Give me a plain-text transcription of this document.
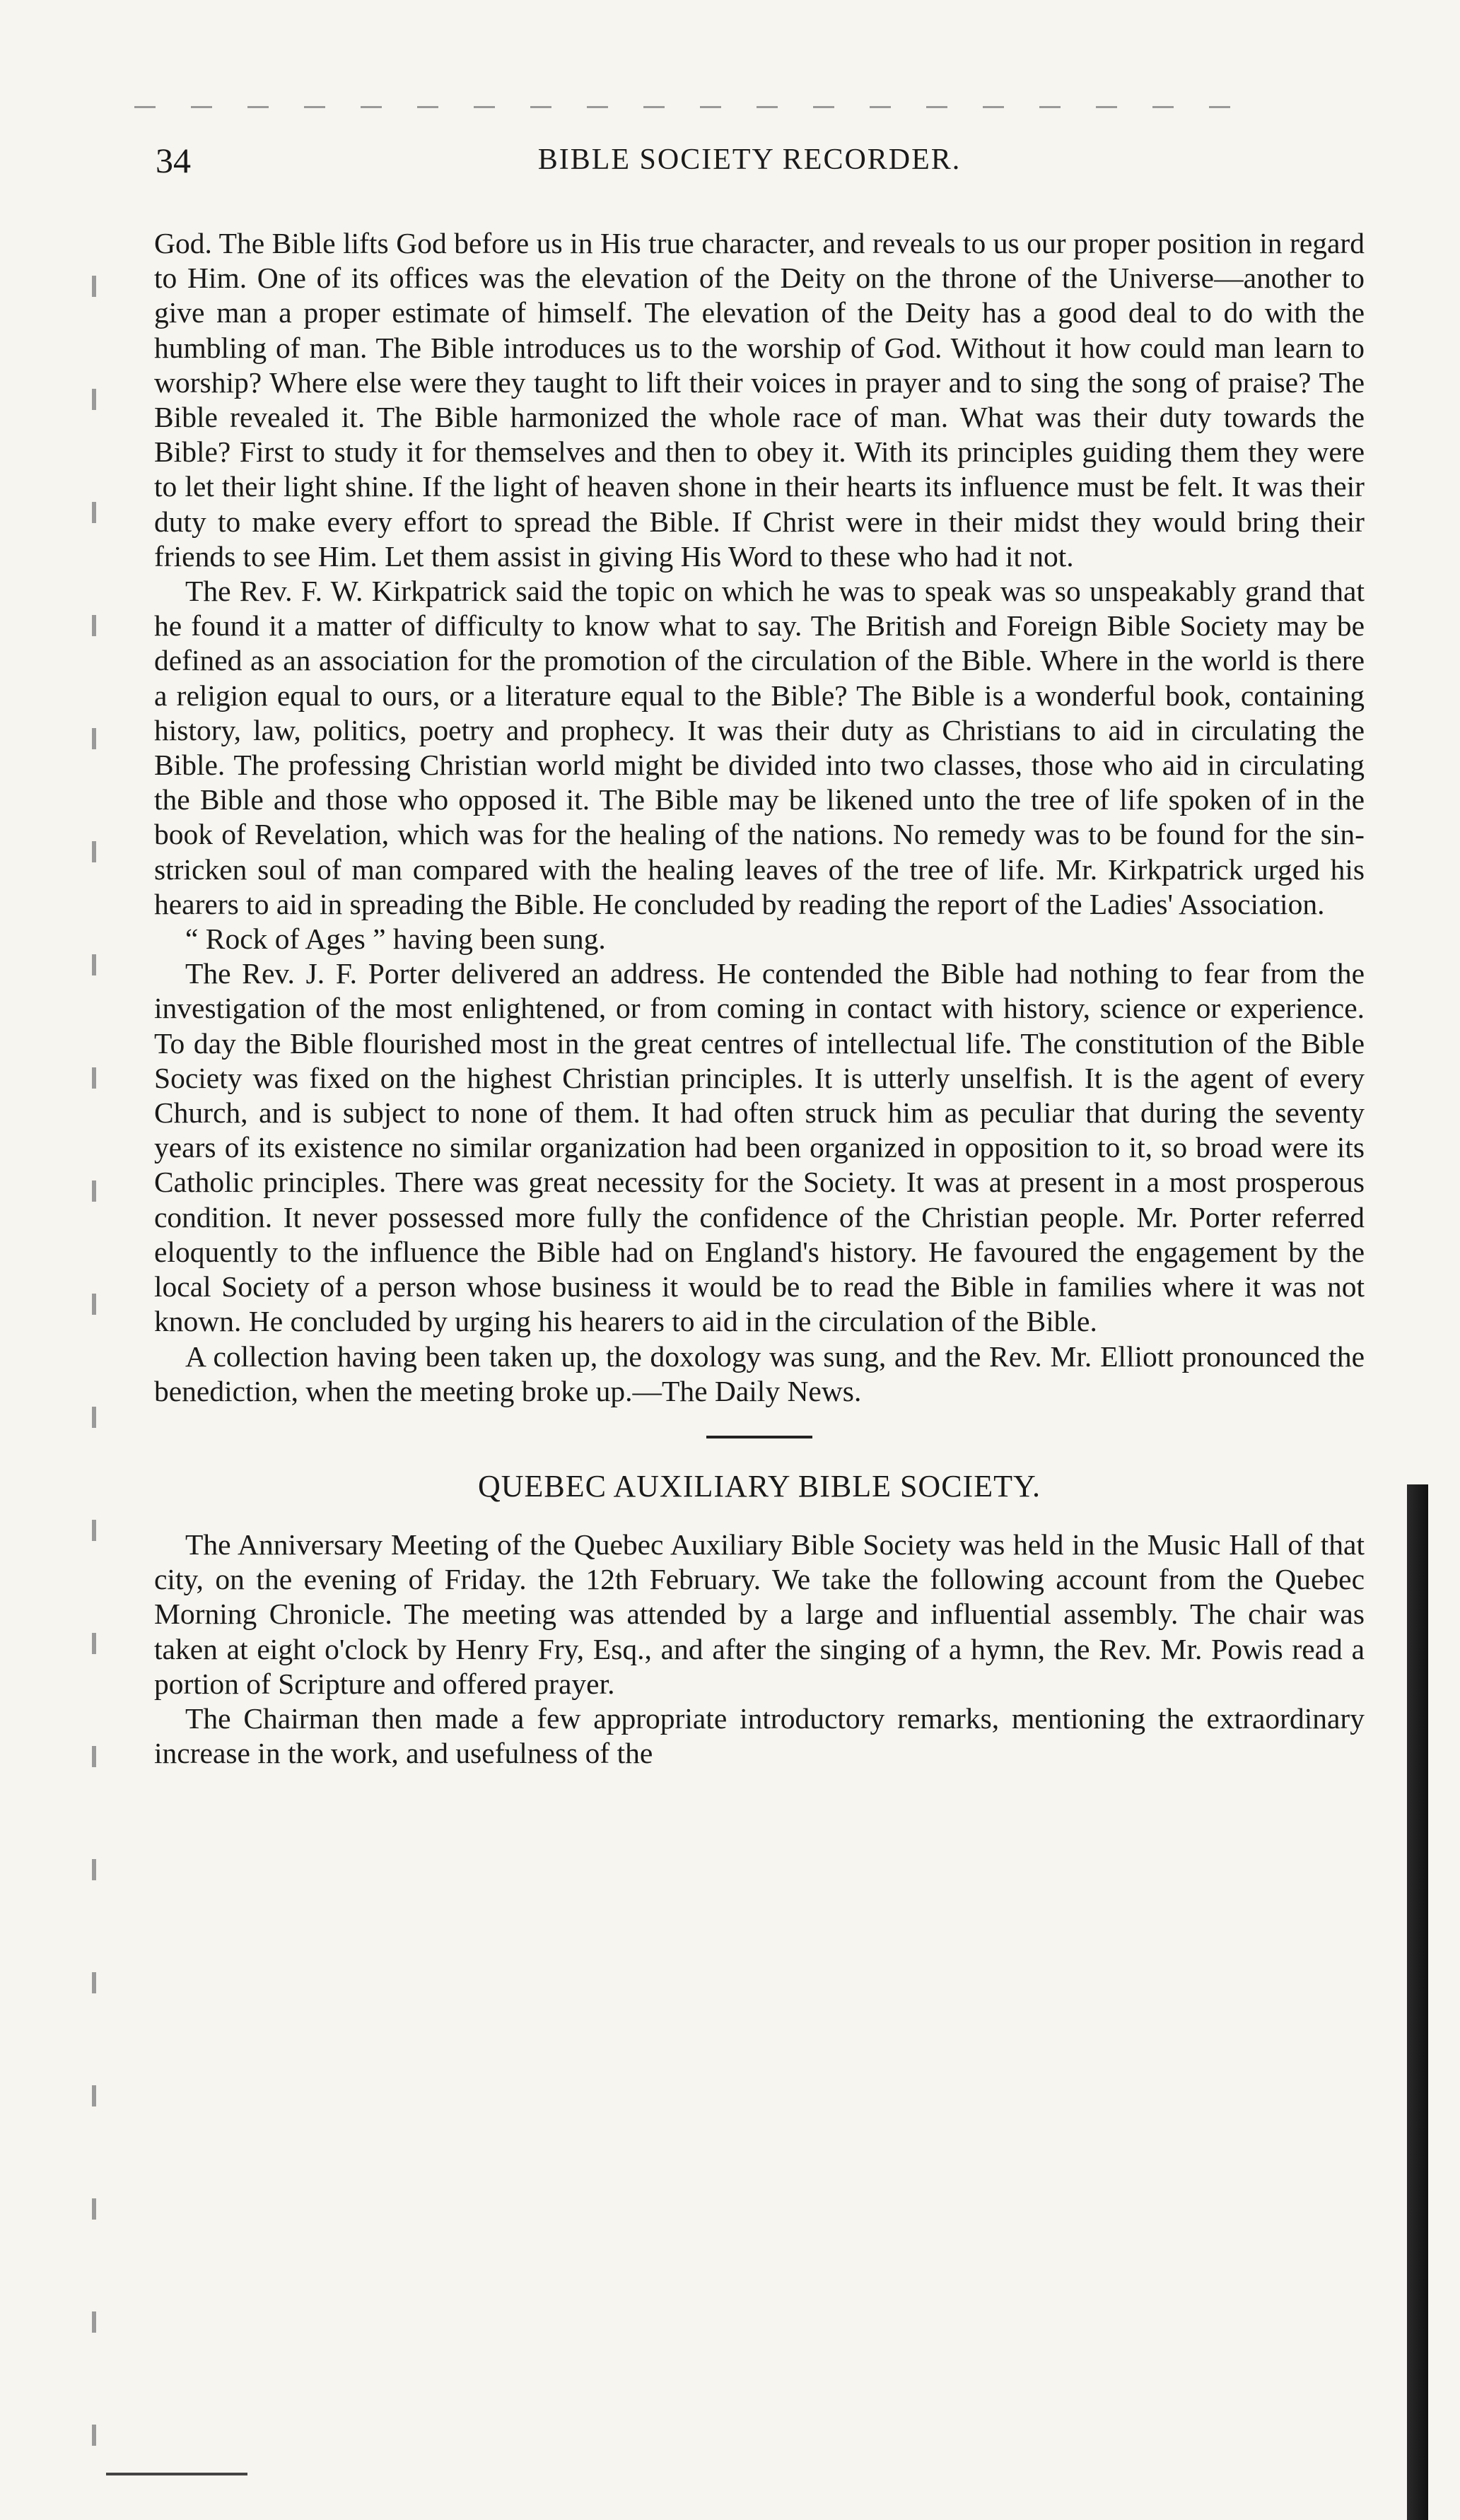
34	BIBLE SOCIETY RECORDER.

God. The Bible lifts God before us in His true character, and reveals to us our proper position in regard to Him. One of its offices was the elevation of the Deity on the throne of the Universe—another to give man a proper estimate of himself. The elevation of the Deity has a good deal to do with the humbling of man. The Bible introduces us to the worship of God. Without it how could man learn to worship? Where else were they taught to lift their voices in prayer and to sing the song of praise? The Bible revealed it. The Bible harmonized the whole race of man. What was their duty towards the Bible? First to study it for themselves and then to obey it. With its principles guiding them they were to let their light shine. If the light of heaven shone in their hearts its influence must be felt. It was their duty to make every effort to spread the Bible. If Christ were in their midst they would bring their friends to see Him. Let them assist in giving His Word to these who had it not.

The Rev. F. W. Kirkpatrick said the topic on which he was to speak was so unspeakably grand that he found it a matter of difficulty to know what to say. The British and Foreign Bible Society may be defined as an association for the promotion of the circulation of the Bible. Where in the world is there a religion equal to ours, or a literature equal to the Bible? The Bible is a wonderful book, containing history, law, politics, poetry and prophecy. It was their duty as Christians to aid in circulating the Bible. The professing Christian world might be divided into two classes, those who aid in circulating the Bible and those who opposed it. The Bible may be likened unto the tree of life spoken of in the book of Revelation, which was for the healing of the nations. No remedy was to be found for the sin-stricken soul of man compared with the healing leaves of the tree of life. Mr. Kirkpatrick urged his hearers to aid in spreading the Bible. He concluded by reading the report of the Ladies' Association.

“ Rock of Ages ” having been sung.

The Rev. J. F. Porter delivered an address. He contended the Bible had nothing to fear from the investigation of the most enlightened, or from coming in contact with history, science or experience. To day the Bible flourished most in the great centres of intellectual life. The constitution of the Bible Society was fixed on the highest Christian principles. It is utterly unselfish. It is the agent of every Church, and is subject to none of them. It had often struck him as peculiar that during the seventy years of its existence no similar organization had been organized in opposition to it, so broad were its Catholic principles. There was great necessity for the Society. It was at present in a most prosperous condition. It never possessed more fully the confidence of the Christian people. Mr. Porter referred eloquently to the influence the Bible had on England's history. He favoured the engagement by the local Society of a person whose business it would be to read the Bible in families where it was not known. He concluded by urging his hearers to aid in the circulation of the Bible.

A collection having been taken up, the doxology was sung, and the Rev. Mr. Elliott pronounced the benediction, when the meeting broke up.—The Daily News.

QUEBEC AUXILIARY BIBLE SOCIETY.

The Anniversary Meeting of the Quebec Auxiliary Bible Society was held in the Music Hall of that city, on the evening of Friday. the 12th February. We take the following account from the Quebec Morning Chronicle. The meeting was attended by a large and influential assembly. The chair was taken at eight o'clock by Henry Fry, Esq., and after the singing of a hymn, the Rev. Mr. Powis read a portion of Scripture and offered prayer.

The Chairman then made a few appropriate introductory remarks, mentioning the extraordinary increase in the work, and usefulness of the
